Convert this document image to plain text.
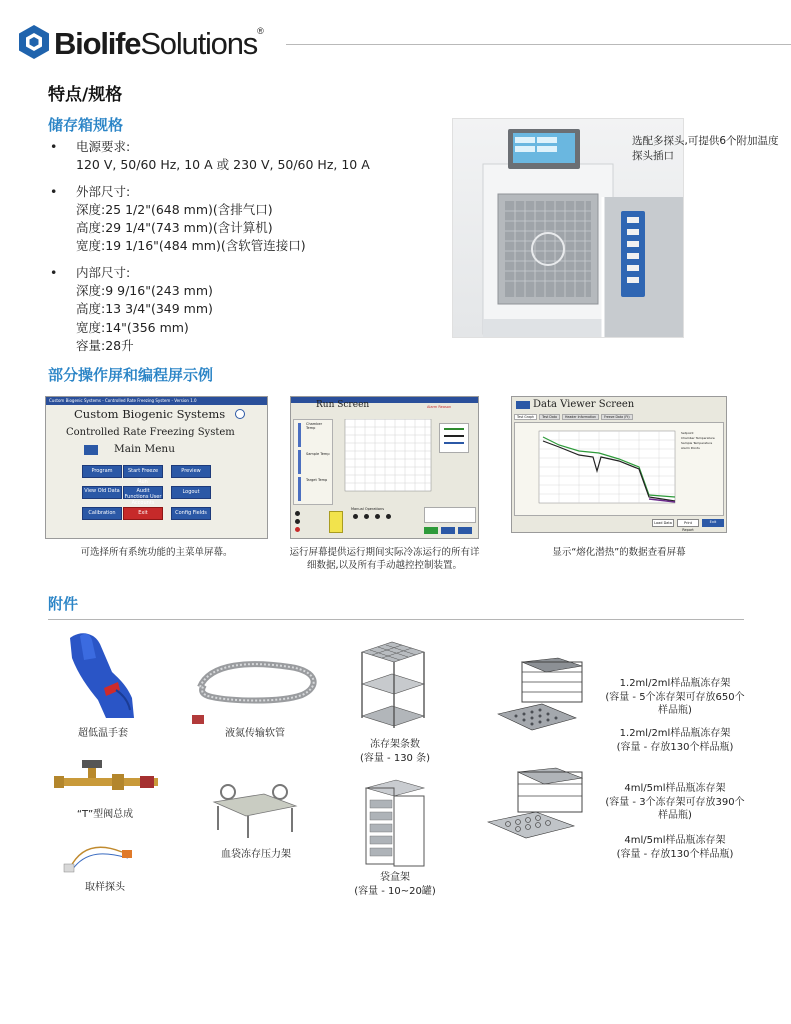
BiolifeSolutions®
特点/规格
储存箱规格
• 电源要求:
120 V, 50/60 Hz, 10 A 或 230 V, 50/60 Hz, 10 A
• 外部尺寸:
深度:25 1/2"(648 mm)(含排气口)
高度:29 1/4"(743 mm)(含计算机)
宽度:19 1/16"(484 mm)(含软管连接口)
• 内部尺寸:
深度:9 9/16"(243 mm)
高度:13 3/4"(349 mm)
宽度:14"(356 mm)
容量:28升
选配多探头,可提供6个附加温度探头插口
部分操作屏和编程屏示例
Custom Biogenic Systems - Controlled Rate Freezing System - Version 1.0
Custom Biogenic Systems
Controlled Rate Freezing System
Main Menu
Program	Start Freeze Run
Preview
View Old Data	Audit Functions User Accounts
Logout
Calibration	Exit	Config Fields
可选择所有系统功能的主菜单屏幕。
Run Screen	Alarm Reason
Chamber Temp
Sample Temp
Target Temp
Manual Operations
运行屏幕提供运行期间实际冷冻运行的所有详细数据,以及所有手动越控控制装置。
Data Viewer Screen
Test Graph	Test Data	Header Information	Freeze Data (Ft)
Setpoint
Chamber Temperature
Sample Temperature
Alarm Points
Load Data	Print Report
Exit
显示“熔化潜热”的数据查看屏幕
附件
超低温手套	液氮传输软管
冻存架条数
(容量 - 130 条)
“T”型阀总成
血袋冻存压力架
取样探头
袋盒架
(容量 - 10~20罐)
1.2ml/2ml样品瓶冻存架
(容量 - 5个冻存架可存放650个
样品瓶)
1.2ml/2ml样品瓶冻存架
(容量 - 存放130个样品瓶)
4ml/5ml样品瓶冻存架
(容量 - 3个冻存架可存放390个
样品瓶)
4ml/5ml样品瓶冻存架
(容量 - 存放130个样品瓶)
